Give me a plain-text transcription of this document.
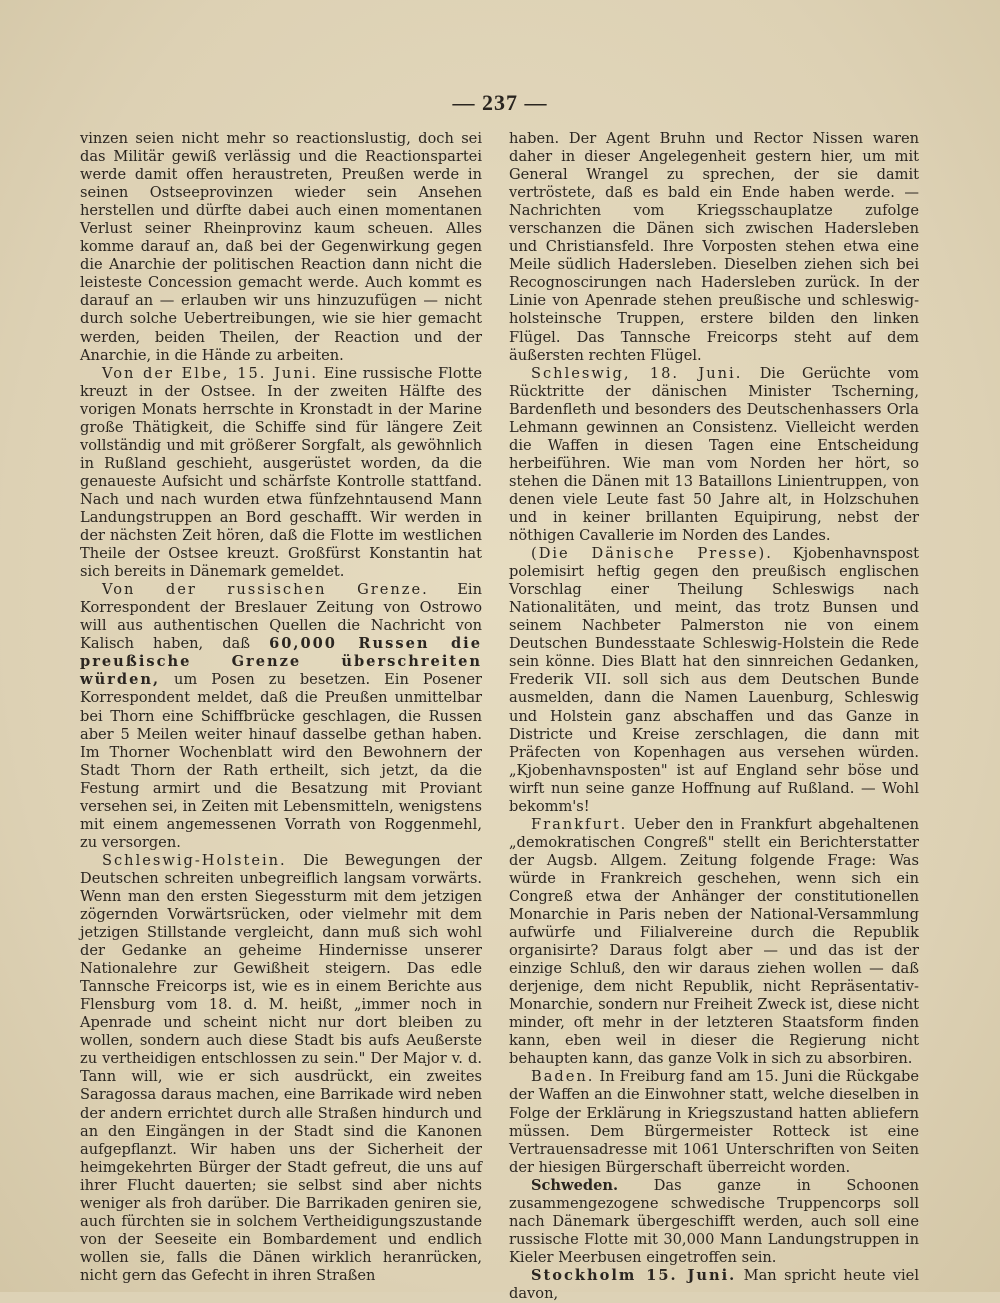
— 237 —

vinzen seien nicht mehr so reactionslustig, doch sei das Militär gewiß verlässig und die Reactionspartei werde damit offen heraustreten, Preußen werde in seinen Ostseeprovinzen wieder sein Ansehen herstellen und dürfte dabei auch einen momentanen Verlust seiner Rheinprovinz kaum scheuen. Alles komme darauf an, daß bei der Gegenwirkung gegen die Anarchie der politischen Reaction dann nicht die leisteste Concession gemacht werde. Auch kommt es darauf an — erlauben wir uns hinzuzufügen — nicht durch solche Uebertreibungen, wie sie hier gemacht werden, beiden Theilen, der Reaction und der Anarchie, in die Hände zu arbeiten.

Von der Elbe, 15. Juni. Eine russische Flotte kreuzt in der Ostsee. In der zweiten Hälfte des vorigen Monats herrschte in Kronstadt in der Marine große Thätigkeit, die Schiffe sind für längere Zeit vollständig und mit größerer Sorgfalt, als gewöhnlich in Rußland geschieht, ausgerüstet worden, da die genaueste Aufsicht und schärfste Kontrolle stattfand. Nach und nach wurden etwa fünfzehntausend Mann Landungstruppen an Bord geschafft. Wir werden in der nächsten Zeit hören, daß die Flotte im westlichen Theile der Ostsee kreuzt. Großfürst Konstantin hat sich bereits in Dänemark gemeldet.

Von der russischen Grenze. Ein Korrespondent der Breslauer Zeitung von Ostrowo will aus authentischen Quellen die Nachricht von Kalisch haben, daß 60,000 Russen die preußische Grenze überschreiten würden, um Posen zu besetzen. Ein Posener Korrespondent meldet, daß die Preußen unmittelbar bei Thorn eine Schiffbrücke geschlagen, die Russen aber 5 Meilen weiter hinauf dasselbe gethan haben. Im Thorner Wochenblatt wird den Bewohnern der Stadt Thorn der Rath ertheilt, sich jetzt, da die Festung armirt und die Besatzung mit Proviant versehen sei, in Zeiten mit Lebensmitteln, wenigstens mit einem angemessenen Vorrath von Roggenmehl, zu versorgen.

Schleswig-Holstein. Die Bewegungen der Deutschen schreiten unbegreiflich langsam vorwärts. Wenn man den ersten Siegessturm mit dem jetzigen zögernden Vorwärtsrücken, oder vielmehr mit dem jetzigen Stillstande vergleicht, dann muß sich wohl der Gedanke an geheime Hindernisse unserer Nationalehre zur Gewißheit steigern. Das edle Tannsche Freicorps ist, wie es in einem Berichte aus Flensburg vom 18. d. M. heißt, „immer noch in Apenrade und scheint nicht nur dort bleiben zu wollen, sondern auch diese Stadt bis aufs Aeußerste zu vertheidigen entschlossen zu sein." Der Major v. d. Tann will, wie er sich ausdrückt, ein zweites Saragossa daraus machen, eine Barrikade wird neben der andern errichtet durch alle Straßen hindurch und an den Eingängen in der Stadt sind die Kanonen aufgepflanzt. Wir haben uns der Sicherheit der heimgekehrten Bürger der Stadt gefreut, die uns auf ihrer Flucht dauerten; sie selbst sind aber nichts weniger als froh darüber. Die Barrikaden geniren sie, auch fürchten sie in solchem Vertheidigungszustande von der Seeseite ein Bombardement und endlich wollen sie, falls die Dänen wirklich heranrücken, nicht gern das Gefecht in ihren Straßen

haben. Der Agent Bruhn und Rector Nissen waren daher in dieser Angelegenheit gestern hier, um mit General Wrangel zu sprechen, der sie damit vertröstete, daß es bald ein Ende haben werde. — Nachrichten vom Kriegsschauplatze zufolge verschanzen die Dänen sich zwischen Hadersleben und Christiansfeld. Ihre Vorposten stehen etwa eine Meile südlich Hadersleben. Dieselben ziehen sich bei Recognoscirungen nach Hadersleben zurück. In der Linie von Apenrade stehen preußische und schleswig-holsteinsche Truppen, erstere bilden den linken Flügel. Das Tannsche Freicorps steht auf dem äußersten rechten Flügel.

Schleswig, 18. Juni. Die Gerüchte vom Rücktritte der dänischen Minister Tscherning, Bardenfleth und besonders des Deutschenhassers Orla Lehmann gewinnen an Consistenz. Vielleicht werden die Waffen in diesen Tagen eine Entscheidung herbeiführen. Wie man vom Norden her hört, so stehen die Dänen mit 13 Bataillons Linientruppen, von denen viele Leute fast 50 Jahre alt, in Holzschuhen und in keiner brillanten Equipirung, nebst der nöthigen Cavallerie im Norden des Landes.

(Die Dänische Presse). Kjobenhavnspost polemisirt heftig gegen den preußisch englischen Vorschlag einer Theilung Schleswigs nach Nationalitäten, und meint, das trotz Bunsen und seinem Nachbeter Palmerston nie von einem Deutschen Bundesstaate Schleswig-Holstein die Rede sein könne. Dies Blatt hat den sinnreichen Gedanken, Frederik VII. soll sich aus dem Deutschen Bunde ausmelden, dann die Namen Lauenburg, Schleswig und Holstein ganz abschaffen und das Ganze in Districte und Kreise zerschlagen, die dann mit Präfecten von Kopenhagen aus versehen würden. „Kjobenhavnsposten" ist auf England sehr böse und wirft nun seine ganze Hoffnung auf Rußland. — Wohl bekomm's!

Frankfurt. Ueber den in Frankfurt abgehaltenen „demokratischen Congreß" stellt ein Berichterstatter der Augsb. Allgem. Zeitung folgende Frage: Was würde in Frankreich geschehen, wenn sich ein Congreß etwa der Anhänger der constitutionellen Monarchie in Paris neben der National-Versammlung aufwürfe und Filialvereine durch die Republik organisirte? Daraus folgt aber — und das ist der einzige Schluß, den wir daraus ziehen wollen — daß derjenige, dem nicht Republik, nicht Repräsentativ-Monarchie, sondern nur Freiheit Zweck ist, diese nicht minder, oft mehr in der letzteren Staatsform finden kann, eben weil in dieser die Regierung nicht behaupten kann, das ganze Volk in sich zu absorbiren.

Baden. In Freiburg fand am 15. Juni die Rückgabe der Waffen an die Einwohner statt, welche dieselben in Folge der Erklärung in Kriegszustand hatten abliefern müssen. Dem Bürgermeister Rotteck ist eine Vertrauensadresse mit 1061 Unterschriften von Seiten der hiesigen Bürgerschaft überreicht worden.

Schweden. Das ganze in Schoonen zusammengezogene schwedische Truppencorps soll nach Dänemark übergeschifft werden, auch soll eine russische Flotte mit 30,000 Mann Landungstruppen in Kieler Meerbusen eingetroffen sein.

Stockholm 15. Juni. Man spricht heute viel davon,
